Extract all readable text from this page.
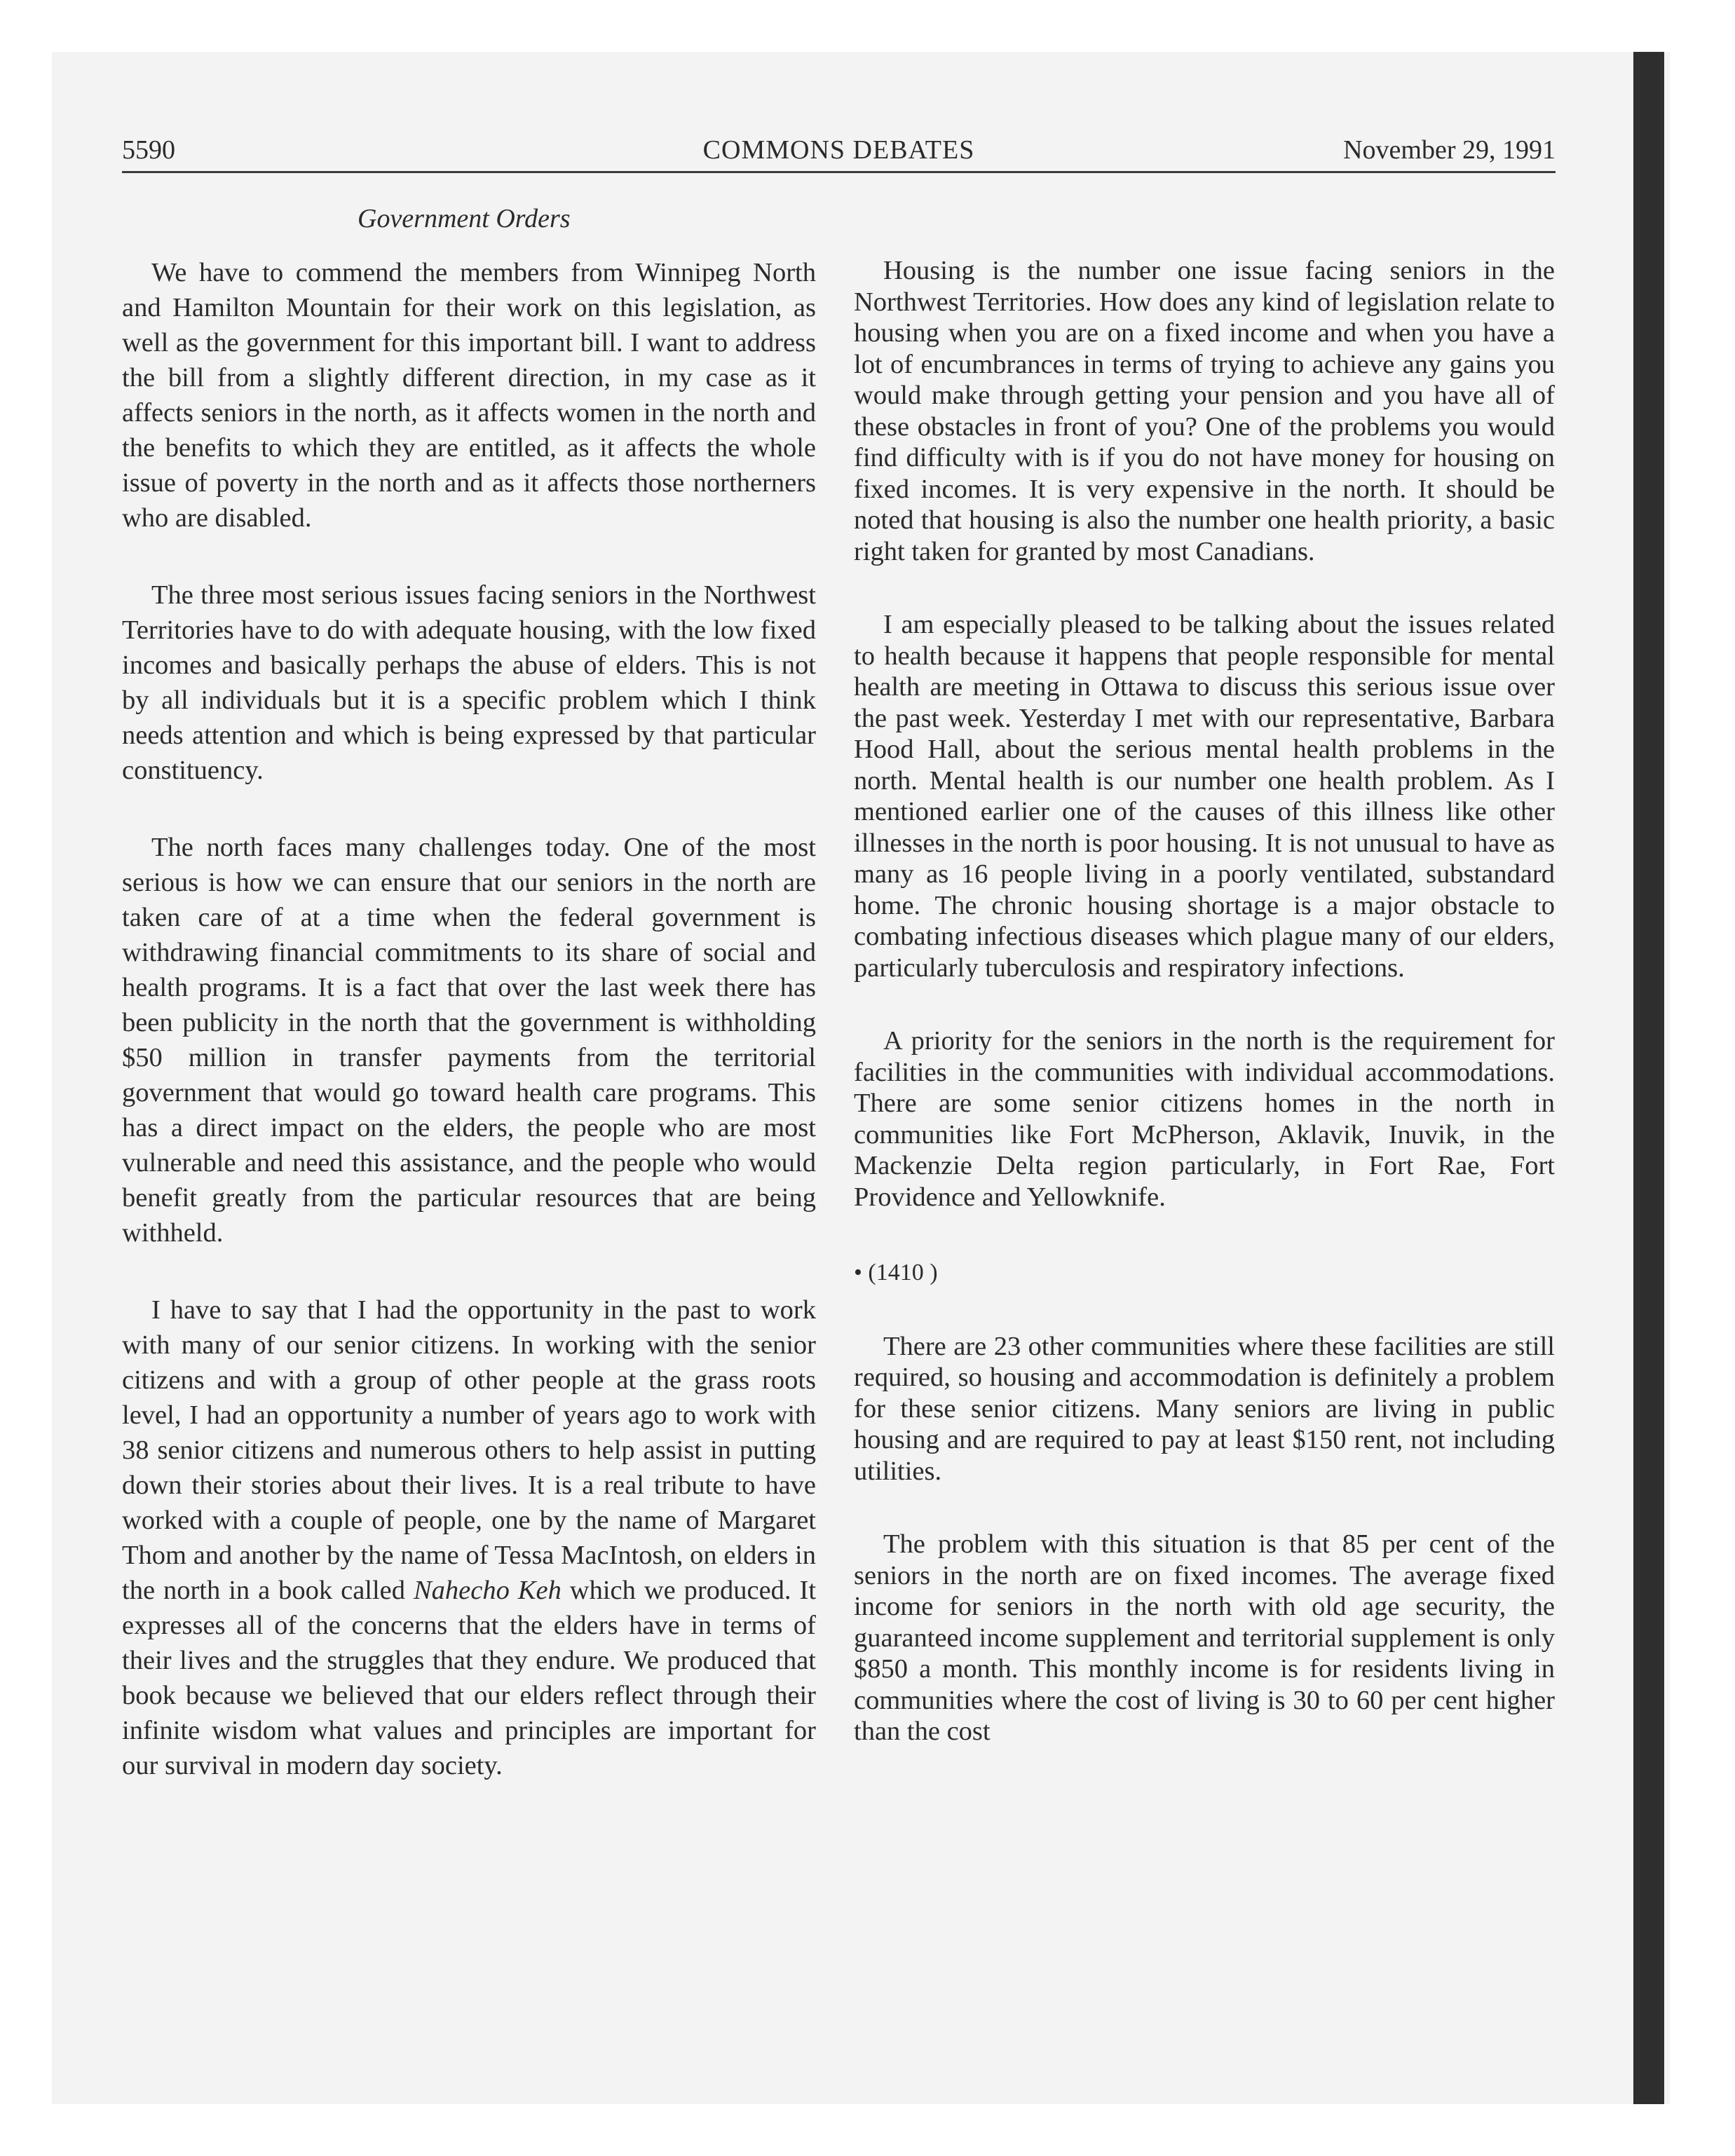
5590	COMMONS DEBATES	November 29, 1991
Government Orders

We have to commend the members from Winnipeg North and Hamilton Mountain for their work on this legislation, as well as the government for this important bill. I want to address the bill from a slightly different direction, in my case as it affects seniors in the north, as it affects women in the north and the benefits to which they are entitled, as it affects the whole issue of poverty in the north and as it affects those northerners who are disabled.

The three most serious issues facing seniors in the Northwest Territories have to do with adequate housing, with the low fixed incomes and basically perhaps the abuse of elders. This is not by all individuals but it is a specific problem which I think needs attention and which is being expressed by that particular constituency.

The north faces many challenges today. One of the most serious is how we can ensure that our seniors in the north are taken care of at a time when the federal government is withdrawing financial commitments to its share of social and health programs. It is a fact that over the last week there has been publicity in the north that the government is withholding $50 million in transfer payments from the territorial government that would go toward health care programs. This has a direct impact on the elders, the people who are most vulnerable and need this assistance, and the people who would benefit greatly from the particular resources that are being withheld.

I have to say that I had the opportunity in the past to work with many of our senior citizens. In working with the senior citizens and with a group of other people at the grass roots level, I had an opportunity a number of years ago to work with 38 senior citizens and numerous others to help assist in putting down their stories about their lives. It is a real tribute to have worked with a couple of people, one by the name of Margaret Thom and another by the name of Tessa MacIntosh, on elders in the north in a book called Nahecho Keh which we produced. It expresses all of the concerns that the elders have in terms of their lives and the struggles that they endure. We produced that book because we believed that our elders reflect through their infinite wisdom what values and principles are important for our survival in modern day society.

Housing is the number one issue facing seniors in the Northwest Territories. How does any kind of legislation relate to housing when you are on a fixed income and when you have a lot of encumbrances in terms of trying to achieve any gains you would make through getting your pension and you have all of these obstacles in front of you? One of the problems you would find difficulty with is if you do not have money for housing on fixed incomes. It is very expensive in the north. It should be noted that housing is also the number one health priority, a basic right taken for granted by most Canadians.

I am especially pleased to be talking about the issues related to health because it happens that people responsible for mental health are meeting in Ottawa to discuss this serious issue over the past week. Yesterday I met with our representative, Barbara Hood Hall, about the serious mental health problems in the north. Mental health is our number one health problem. As I mentioned earlier one of the causes of this illness like other illnesses in the north is poor housing. It is not unusual to have as many as 16 people living in a poorly ventilated, substandard home. The chronic housing shortage is a major obstacle to combating infectious diseases which plague many of our elders, particularly tuberculosis and respiratory infections.

A priority for the seniors in the north is the requirement for facilities in the communities with individual accommodations. There are some senior citizens homes in the north in communities like Fort McPherson, Aklavik, Inuvik, in the Mackenzie Delta region particularly, in Fort Rae, Fort Providence and Yellowknife.

• (1410 )

There are 23 other communities where these facilities are still required, so housing and accommodation is definitely a problem for these senior citizens. Many seniors are living in public housing and are required to pay at least $150 rent, not including utilities.

The problem with this situation is that 85 per cent of the seniors in the north are on fixed incomes. The average fixed income for seniors in the north with old age security, the guaranteed income supplement and territorial supplement is only $850 a month. This monthly income is for residents living in communities where the cost of living is 30 to 60 per cent higher than the cost
